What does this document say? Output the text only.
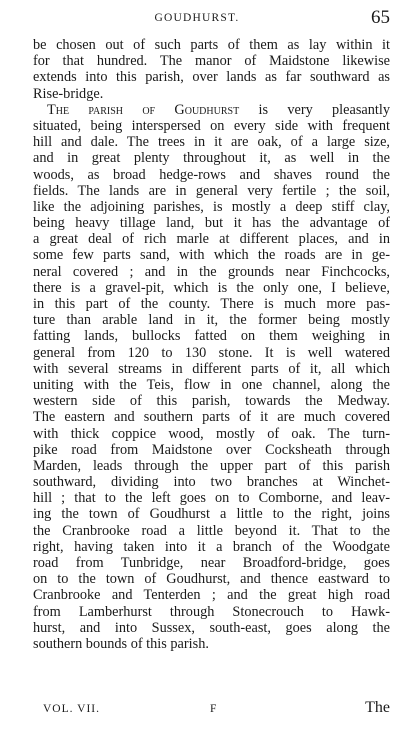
GOUDHURST.	65
be chosen out of such parts of them as lay within it
for that hundred. The manor of Maidstone likewise
extends into this parish, over lands as far southward as
Rise-bridge.
The parish of Goudhurst is very pleasantly
situated, being interspersed on every side with frequent
hill and dale. The trees in it are oak, of a large size,
and in great plenty throughout it, as well in the
woods, as broad hedge-rows and shaves round the
fields. The lands are in general very fertile ; the soil,
like the adjoining parishes, is mostly a deep stiff clay,
being heavy tillage land, but it has the advantage of
a great deal of rich marle at different places, and in
some few parts sand, with which the roads are in ge-
neral covered ; and in the grounds near Finchcocks,
there is a gravel-pit, which is the only one, I believe,
in this part of the county. There is much more pas-
ture than arable land in it, the former being mostly
fatting lands, bullocks fatted on them weighing in
general from 120 to 130 stone. It is well watered
with several streams in different parts of it, all which
uniting with the Teis, flow in one channel, along the
western side of this parish, towards the Medway.
The eastern and southern parts of it are much covered
with thick coppice wood, mostly of oak. The turn-
pike road from Maidstone over Cocksheath through
Marden, leads through the upper part of this parish
southward, dividing into two branches at Winchet-
hill ; that to the left goes on to Comborne, and leav-
ing the town of Goudhurst a little to the right, joins
the Cranbrooke road a little beyond it. That to the
right, having taken into it a branch of the Woodgate
road from Tunbridge, near Broadford-bridge, goes
on to the town of Goudhurst, and thence eastward to
Cranbrooke and Tenterden ; and the great high road
from Lamberhurst through Stonecrouch to Hawk-
hurst, and into Sussex, south-east, goes along the
southern bounds of this parish.
VOL. VII.	F	The
